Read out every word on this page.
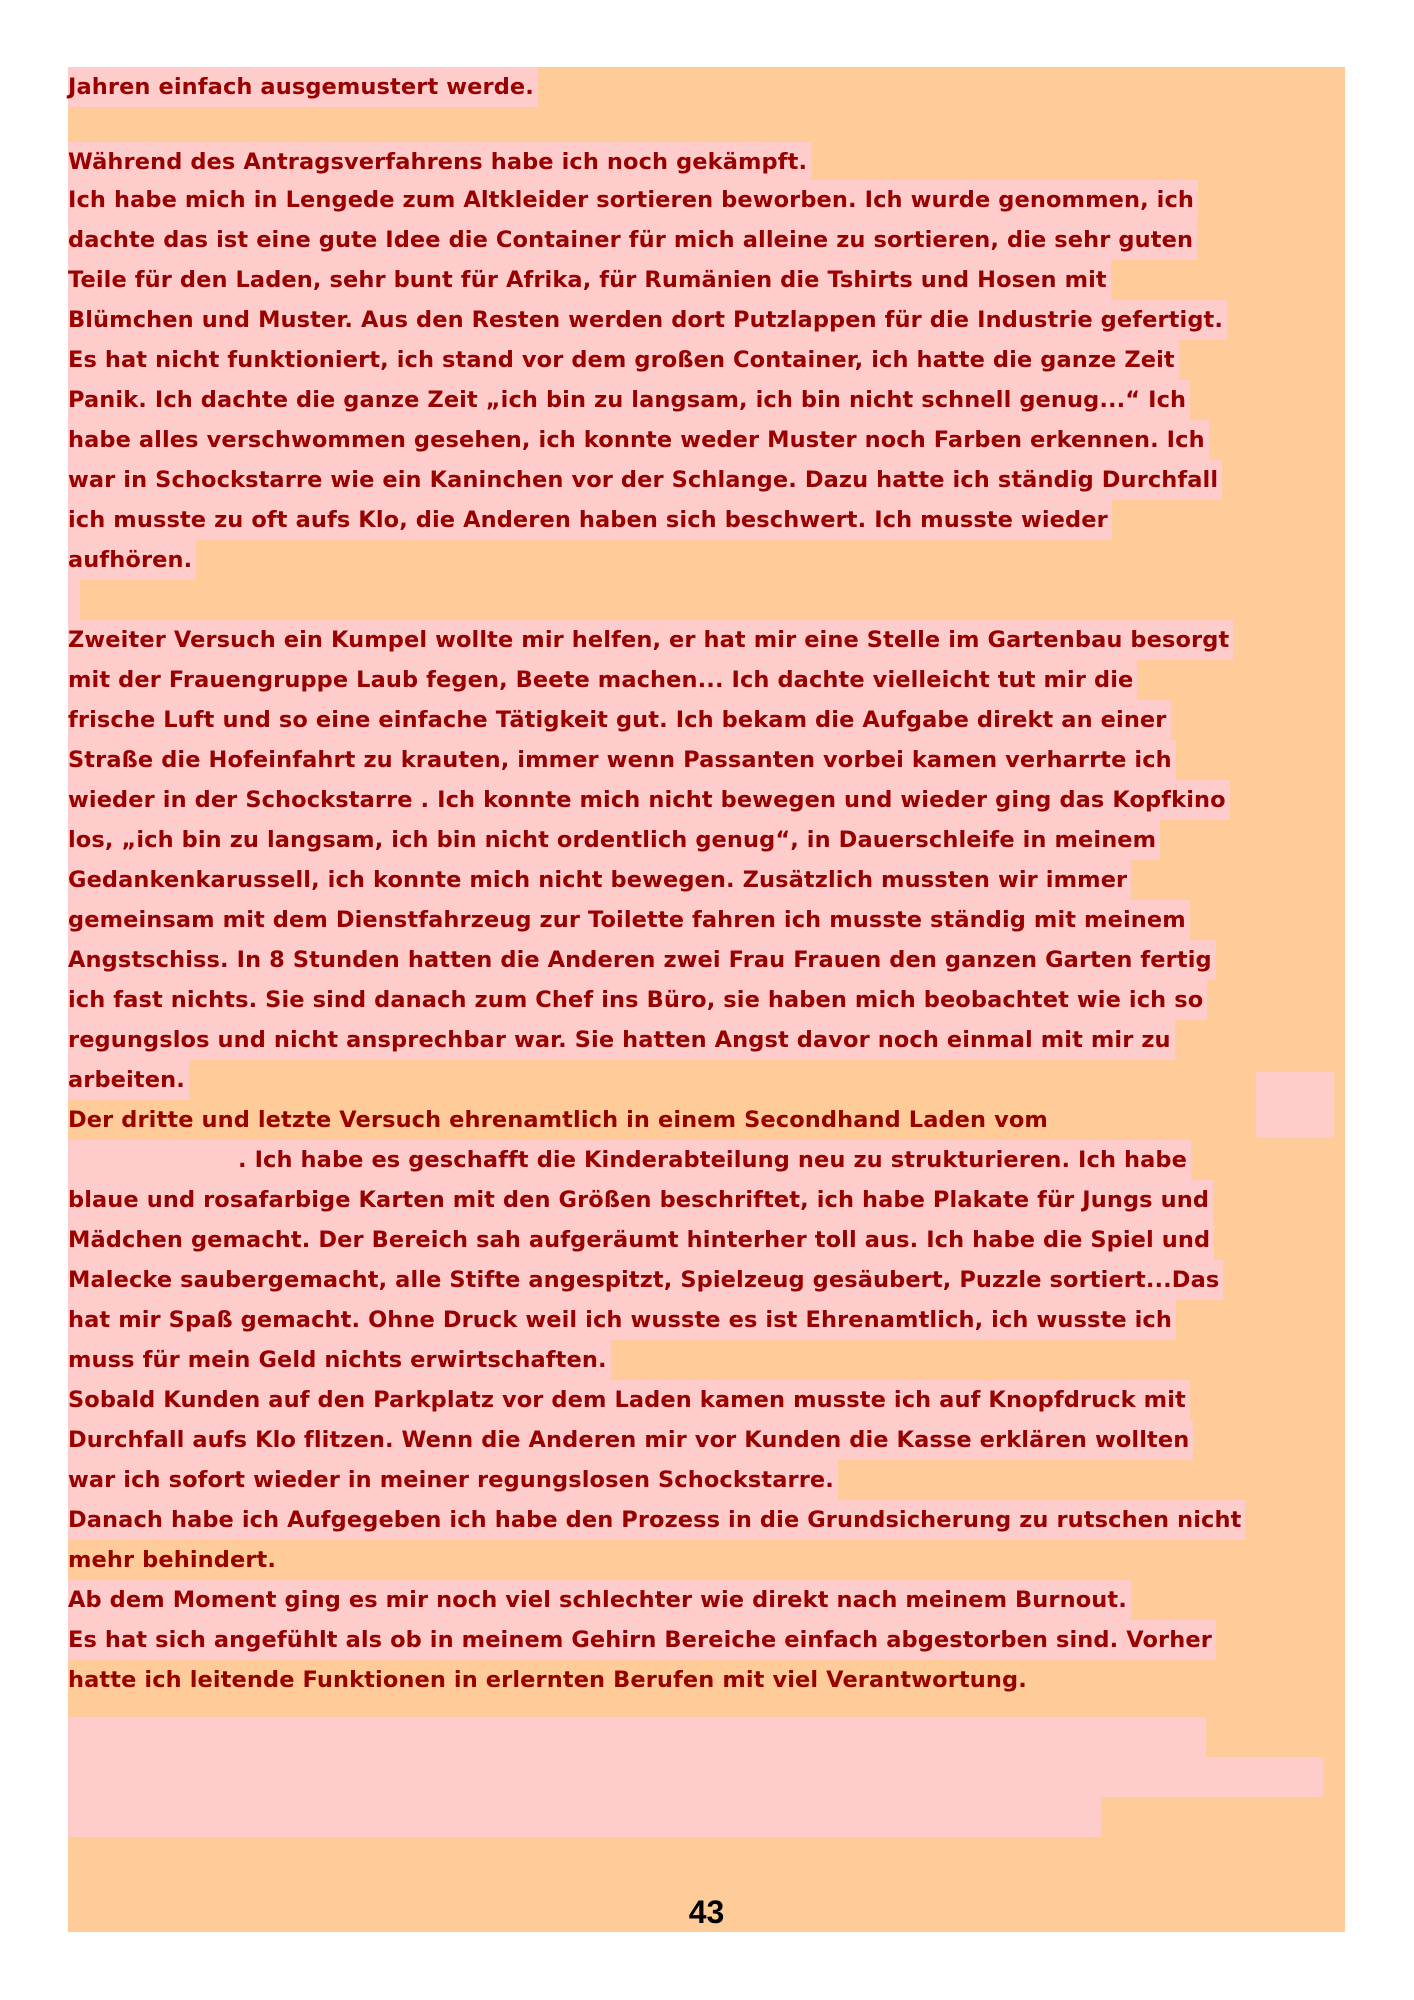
Jahren einfach ausgemustert werde.
Während des Antragsverfahrens habe ich noch gekämpft.
Ich habe mich in Lengede zum Altkleider sortieren beworben. Ich wurde genommen, ich
dachte das ist eine gute Idee die Container für mich alleine zu sortieren, die sehr guten
Teile für den Laden, sehr bunt für Afrika, für Rumänien die Tshirts und Hosen mit
Blümchen und Muster. Aus den Resten werden dort Putzlappen für die Industrie gefertigt.
Es hat nicht funktioniert, ich stand vor dem großen Container, ich hatte die ganze Zeit
Panik. Ich dachte die ganze Zeit „ich bin zu langsam, ich bin nicht schnell genug...“ Ich
habe alles verschwommen gesehen, ich konnte weder Muster noch Farben erkennen. Ich
war in Schockstarre wie ein Kaninchen vor der Schlange. Dazu hatte ich ständig Durchfall
ich musste zu oft aufs Klo, die Anderen haben sich beschwert. Ich musste wieder
aufhören.
Zweiter Versuch ein Kumpel wollte mir helfen, er hat mir eine Stelle im Gartenbau besorgt
mit der Frauengruppe Laub fegen, Beete machen... Ich dachte vielleicht tut mir die
frische Luft und so eine einfache Tätigkeit gut. Ich bekam die Aufgabe direkt an einer
Straße die Hofeinfahrt zu krauten, immer wenn Passanten vorbei kamen verharrte ich
wieder in der Schockstarre . Ich konnte mich nicht bewegen und wieder ging das Kopfkino
los, „ich bin zu langsam, ich bin nicht ordentlich genug“, in Dauerschleife in meinem
Gedankenkarussell, ich konnte mich nicht bewegen. Zusätzlich mussten wir immer
gemeinsam mit dem Dienstfahrzeug zur Toilette fahren ich musste ständig mit meinem
Angstschiss. In 8 Stunden hatten die Anderen zwei Frau Frauen den ganzen Garten fertig
ich fast nichts. Sie sind danach zum Chef ins Büro, sie haben mich beobachtet wie ich so
regungslos und nicht ansprechbar war. Sie hatten Angst davor noch einmal mit mir zu
arbeiten.
Der dritte und letzte Versuch ehrenamtlich in einem Secondhand Laden vom
. Ich habe es geschafft die Kinderabteilung neu zu strukturieren. Ich habe
blaue und rosafarbige Karten mit den Größen beschriftet, ich habe Plakate für Jungs und
Mädchen gemacht. Der Bereich sah aufgeräumt hinterher toll aus. Ich habe die Spiel und
Malecke saubergemacht, alle Stifte angespitzt, Spielzeug gesäubert, Puzzle sortiert...Das
hat mir Spaß gemacht. Ohne Druck weil ich wusste es ist Ehrenamtlich, ich wusste ich
muss für mein Geld nichts erwirtschaften.
Sobald Kunden auf den Parkplatz vor dem Laden kamen musste ich auf Knopfdruck mit
Durchfall aufs Klo flitzen. Wenn die Anderen mir vor Kunden die Kasse erklären wollten
war ich sofort wieder in meiner regungslosen Schockstarre.
Danach habe ich Aufgegeben ich habe den Prozess in die Grundsicherung zu rutschen nicht
mehr behindert.
Ab dem Moment ging es mir noch viel schlechter wie direkt nach meinem Burnout.
Es hat sich angefühlt als ob in meinem Gehirn Bereiche einfach abgestorben sind. Vorher
hatte ich leitende Funktionen in erlernten Berufen mit viel Verantwortung.
43
